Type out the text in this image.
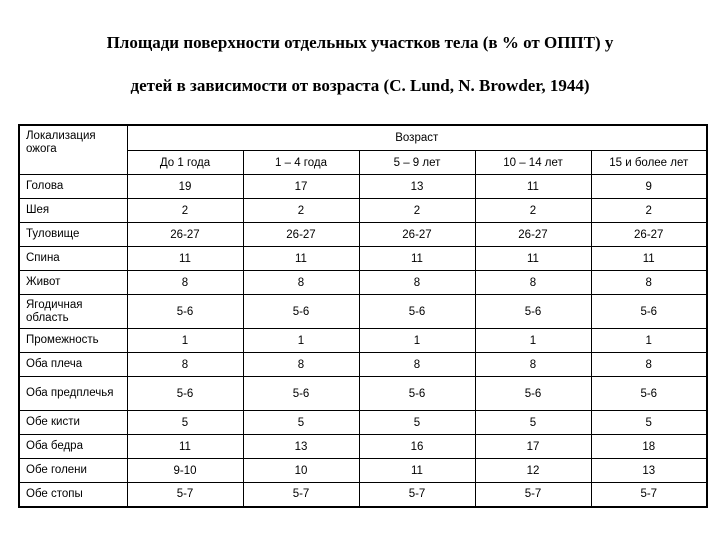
Площади поверхности отдельных участков тела (в % от ОППТ) у
детей в зависимости от возраста (C. Lund, N. Browder, 1944)
Локализация ожога	Возраст				
	До 1 года	1 – 4 года	5 – 9 лет	10 – 14 лет	15 и более лет
Голова	19	17	13	11	9
Шея	2	2	2	2	2
Туловище	26-27	26-27	26-27	26-27	26-27
Спина	11	11	11	11	11
Живот	8	8	8	8	8
Ягодичная область	5-6	5-6	5-6	5-6	5-6
Промежность	1	1	1	1	1
Оба плеча	8	8	8	8	8
Оба предплечья	5-6	5-6	5-6	5-6	5-6
Обе кисти	5	5	5	5	5
Оба бедра	11	13	16	17	18
Обе голени	9-10	10	11	12	13
Обе стопы	5-7	5-7	5-7	5-7	5-7
